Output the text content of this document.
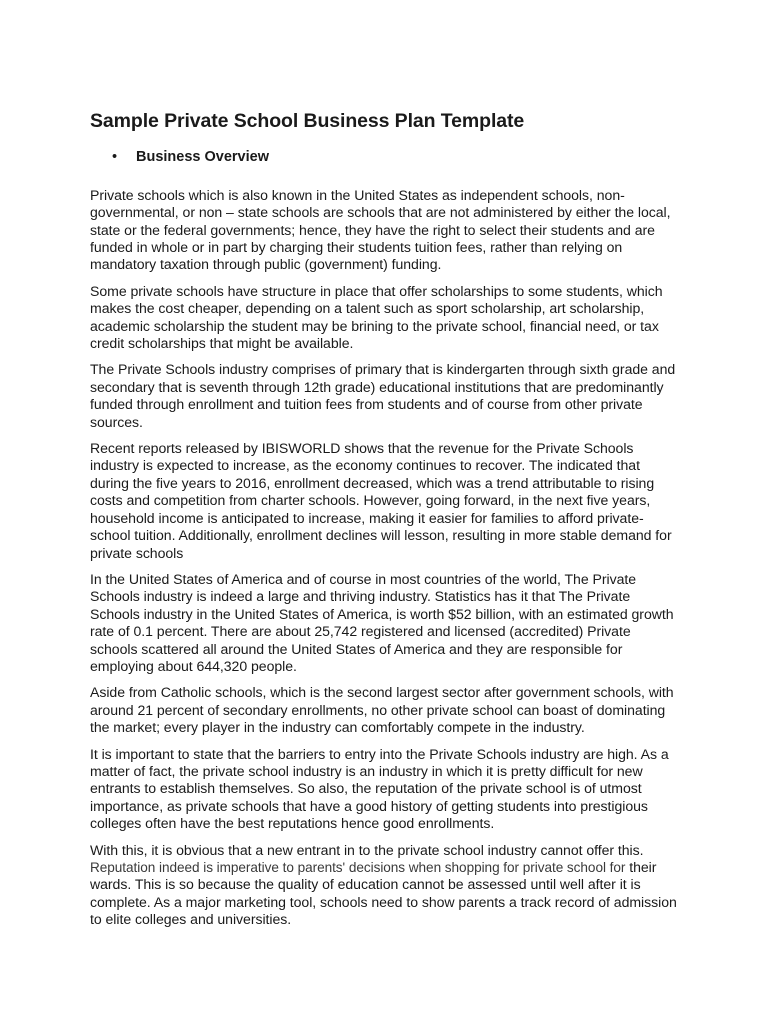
Sample Private School Business Plan Template
• Business Overview

Private schools which is also known in the United States as independent schools, non-governmental, or non – state schools are schools that are not administered by either the local, state or the federal governments; hence, they have the right to select their students and are funded in whole or in part by charging their students tuition fees, rather than relying on mandatory taxation through public (government) funding.

Some private schools have structure in place that offer scholarships to some students, which makes the cost cheaper, depending on a talent such as sport scholarship, art scholarship, academic scholarship the student may be brining to the private school, financial need, or tax credit scholarships that might be available.

The Private Schools industry comprises of primary that is kindergarten through sixth grade and secondary that is seventh through 12th grade) educational institutions that are predominantly funded through enrollment and tuition fees from students and of course from other private sources.

Recent reports released by IBISWORLD shows that the revenue for the Private Schools industry is expected to increase, as the economy continues to recover. The indicated that during the five years to 2016, enrollment decreased, which was a trend attributable to rising costs and competition from charter schools. However, going forward, in the next five years, household income is anticipated to increase, making it easier for families to afford private-school tuition. Additionally, enrollment declines will lesson, resulting in more stable demand for private schools

In the United States of America and of course in most countries of the world, The Private Schools industry is indeed a large and thriving industry. Statistics has it that The Private Schools industry in the United States of America, is worth $52 billion, with an estimated growth rate of 0.1 percent. There are about 25,742 registered and licensed (accredited) Private schools scattered all around the United States of America and they are responsible for employing about 644,320 people.

Aside from Catholic schools, which is the second largest sector after government schools, with around 21 percent of secondary enrollments, no other private school can boast of dominating the market; every player in the industry can comfortably compete in the industry.

It is important to state that the barriers to entry into the Private Schools industry are high. As a matter of fact, the private school industry is an industry in which it is pretty difficult for new entrants to establish themselves. So also, the reputation of the private school is of utmost importance, as private schools that have a good history of getting students into prestigious colleges often have the best reputations hence good enrollments.

With this, it is obvious that a new entrant in to the private school industry cannot offer this. Reputation indeed is imperative to parents' decisions when shopping for private school for their wards. This is so because the quality of education cannot be assessed until well after it is complete. As a major marketing tool, schools need to show parents a track record of admission to elite colleges and universities.
